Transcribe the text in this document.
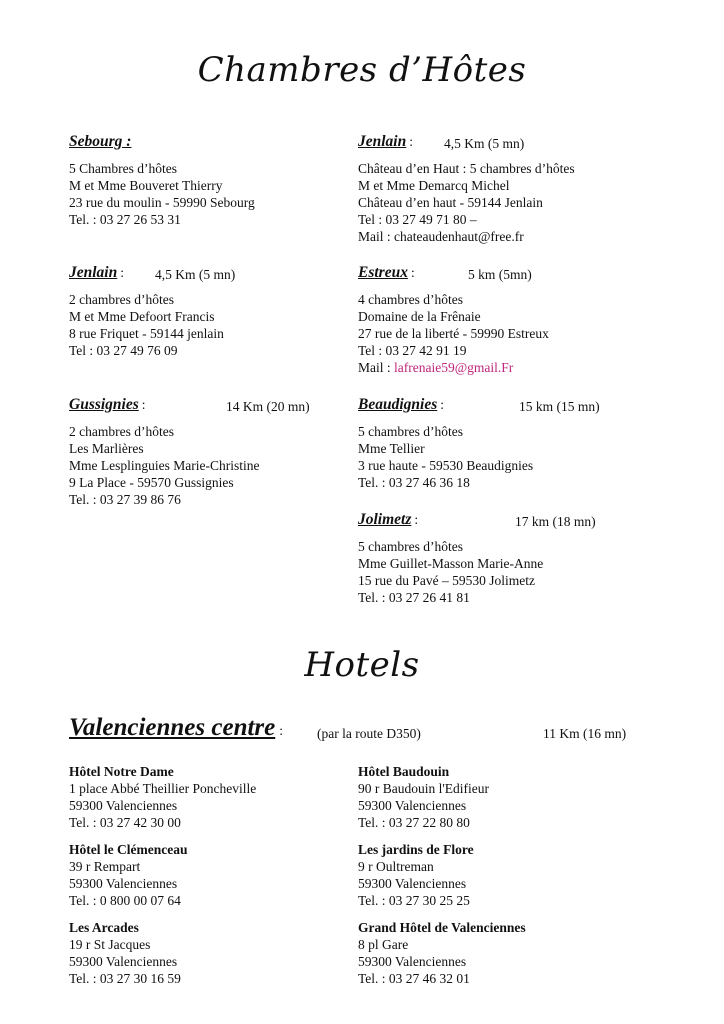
Chambres d’Hôtes
Sebourg :
5 Chambres d’hôtes
M et Mme Bouveret Thierry
23 rue du moulin - 59990 Sebourg
Tel. : 03 27 26 53 31
Jenlain : 4,5 Km (5 mn)
2 chambres d’hôtes
M et Mme Defoort Francis
8 rue Friquet - 59144 jenlain
Tel : 03 27 49 76 09
Gussignies :	14 Km (20 mn)
2 chambres d’hôtes
Les Marlières
Mme Lesplinguies Marie-Christine
9 La Place - 59570 Gussignies
Tel. : 03 27 39 86 76
Jenlain : 4,5 Km (5 mn)
Château d’en Haut : 5 chambres d’hôtes
M et Mme Demarcq Michel
Château d’en haut - 59144 Jenlain
Tel : 03 27 49 71 80 –
Mail : chateaudenhaut@free.fr
Estreux :	5 km (5mn)
4 chambres d’hôtes
Domaine de la Frênaie
27 rue de la liberté - 59990 Estreux
Tel : 03 27 42 91 19
Mail : lafrenaie59@gmail.Fr
Beaudignies :	15 km (15 mn)
5 chambres d’hôtes
Mme Tellier
3 rue haute - 59530 Beaudignies
Tel. : 03 27 46 36 18
Jolimetz :	17 km (18 mn)
5 chambres d’hôtes
Mme Guillet-Masson Marie-Anne
15 rue du Pavé – 59530 Jolimetz
Tel. : 03 27 26 41 81
Hotels
Valenciennes centre :	(par la route D350)	11 Km (16 mn)
Hôtel Notre Dame
1 place Abbé Theillier Poncheville
59300 Valenciennes
Tel. : 03 27 42 30 00
Hôtel le Clémenceau
39 r Rempart
59300 Valenciennes
Tel. : 0 800 00 07 64
Les Arcades
19 r St Jacques
59300 Valenciennes
Tel. : 03 27 30 16 59
Hôtel Baudouin
90 r Baudouin l'Edifieur
59300 Valenciennes
Tel. : 03 27 22 80 80
Les jardins de Flore
9 r Oultreman
59300 Valenciennes
Tel. : 03 27 30 25 25
Grand Hôtel de Valenciennes
8 pl Gare
59300 Valenciennes
Tel. : 03 27 46 32 01
